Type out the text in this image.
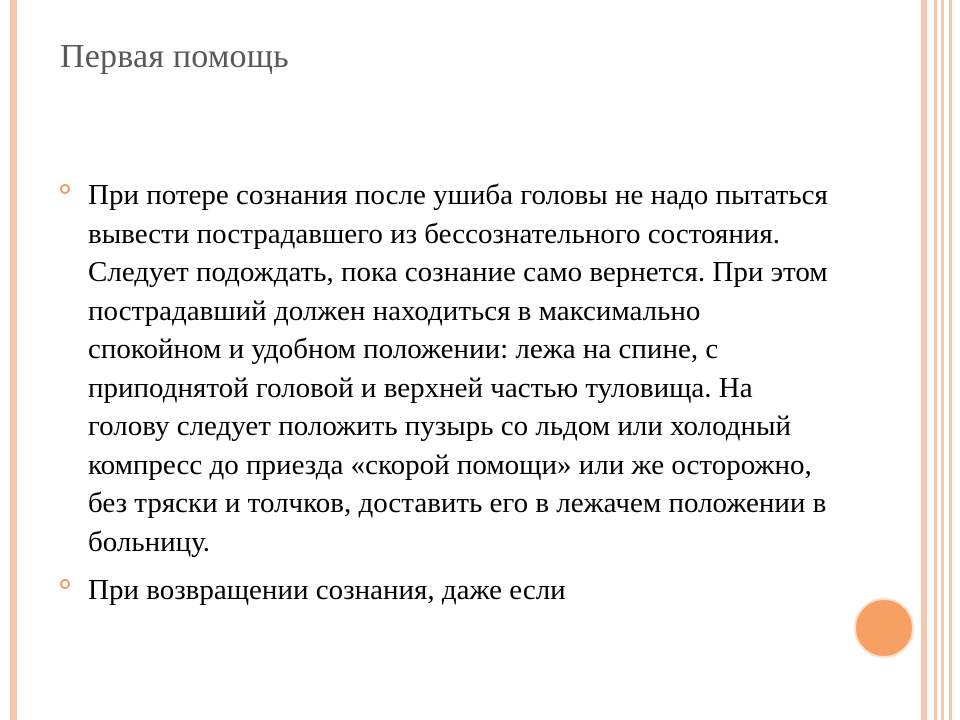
Первая помощь
При потере сознания после ушиба головы не надо пытаться вывести пострадавшего из бессознательного состояния. Следует подождать, пока сознание само вернется. При этом пострадавший должен находиться в максимально спокойном и удобном положении: лежа на спине, с приподнятой головой и верхней частью туловища. На голову следует положить пузырь со льдом или холодный компресс до приезда «скорой помощи» или же осторожно, без тряски и толчков, доставить его в лежачем положении в больницу.
При возвращении сознания, даже если
